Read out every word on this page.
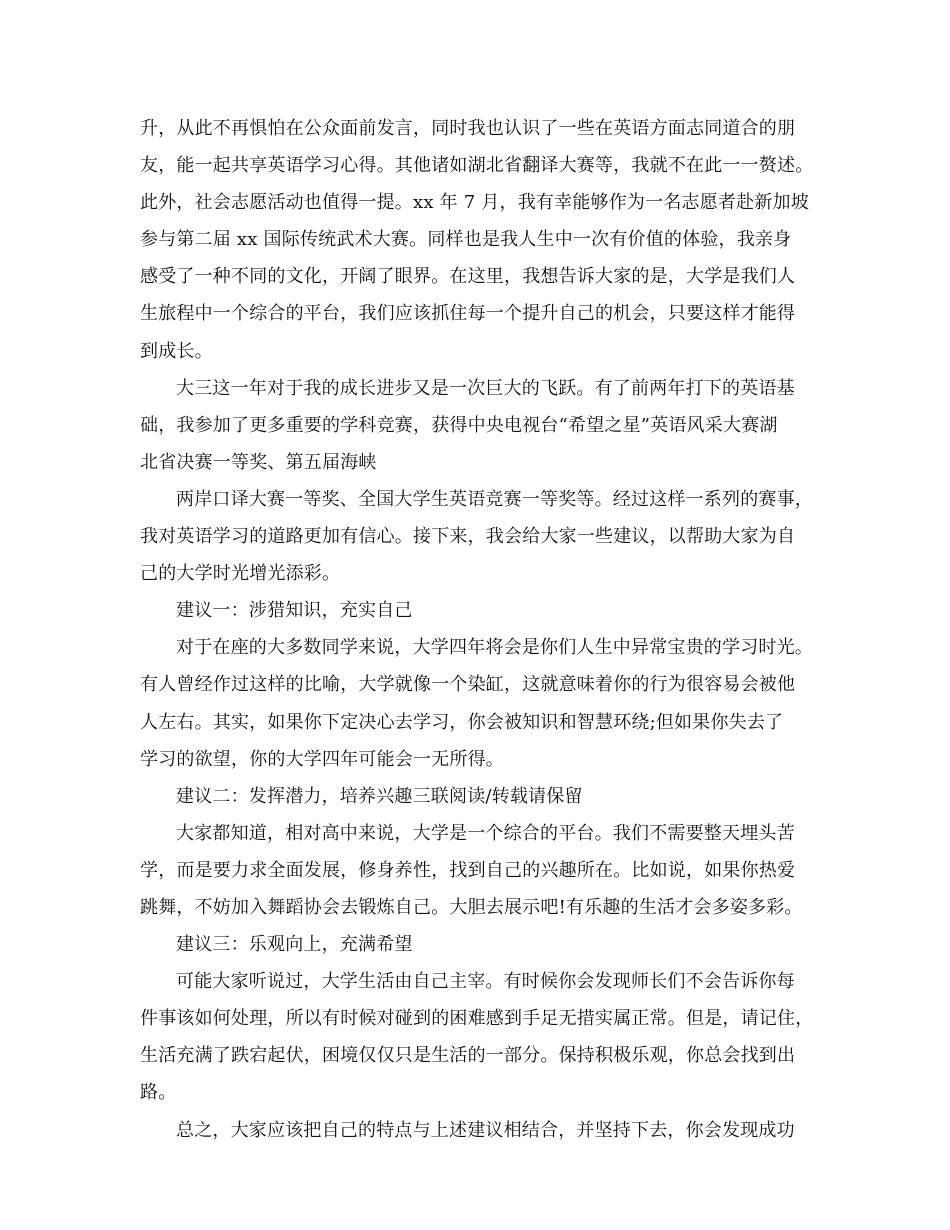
升，从此不再惧怕在公众面前发言，同时我也认识了一些在英语方面志同道合的朋
友，能一起共享英语学习心得。其他诸如湖北省翻译大赛等，我就不在此一一赘述。
此外，社会志愿活动也值得一提。xx 年 7 月，我有幸能够作为一名志愿者赴新加坡
参与第二届 xx 国际传统武术大赛。同样也是我人生中一次有价值的体验，我亲身
感受了一种不同的文化，开阔了眼界。在这里，我想告诉大家的是，大学是我们人
生旅程中一个综合的平台，我们应该抓住每一个提升自己的机会，只要这样才能得
到成长。
大三这一年对于我的成长进步又是一次巨大的飞跃。有了前两年打下的英语基
础，我参加了更多重要的学科竞赛，获得中央电视台“希望之星”英语风采大赛湖
北省决赛一等奖、第五届海峡
两岸口译大赛一等奖、全国大学生英语竞赛一等奖等。经过这样一系列的赛事，
我对英语学习的道路更加有信心。接下来，我会给大家一些建议，以帮助大家为自
己的大学时光增光添彩。
建议一：涉猎知识，充实自己
对于在座的大多数同学来说，大学四年将会是你们人生中异常宝贵的学习时光。
有人曾经作过这样的比喻，大学就像一个染缸，这就意味着你的行为很容易会被他
人左右。其实，如果你下定决心去学习，你会被知识和智慧环绕;但如果你失去了
学习的欲望，你的大学四年可能会一无所得。
建议二：发挥潜力，培养兴趣三联阅读/转载请保留
大家都知道，相对高中来说，大学是一个综合的平台。我们不需要整天埋头苦
学，而是要力求全面发展，修身养性，找到自己的兴趣所在。比如说，如果你热爱
跳舞，不妨加入舞蹈协会去锻炼自己。大胆去展示吧!有乐趣的生活才会多姿多彩。
建议三：乐观向上，充满希望
可能大家听说过，大学生活由自己主宰。有时候你会发现师长们不会告诉你每
件事该如何处理，所以有时候对碰到的困难感到手足无措实属正常。但是，请记住，
生活充满了跌宕起伏，困境仅仅只是生活的一部分。保持积极乐观，你总会找到出
路。
总之，大家应该把自己的特点与上述建议相结合，并坚持下去，你会发现成功
